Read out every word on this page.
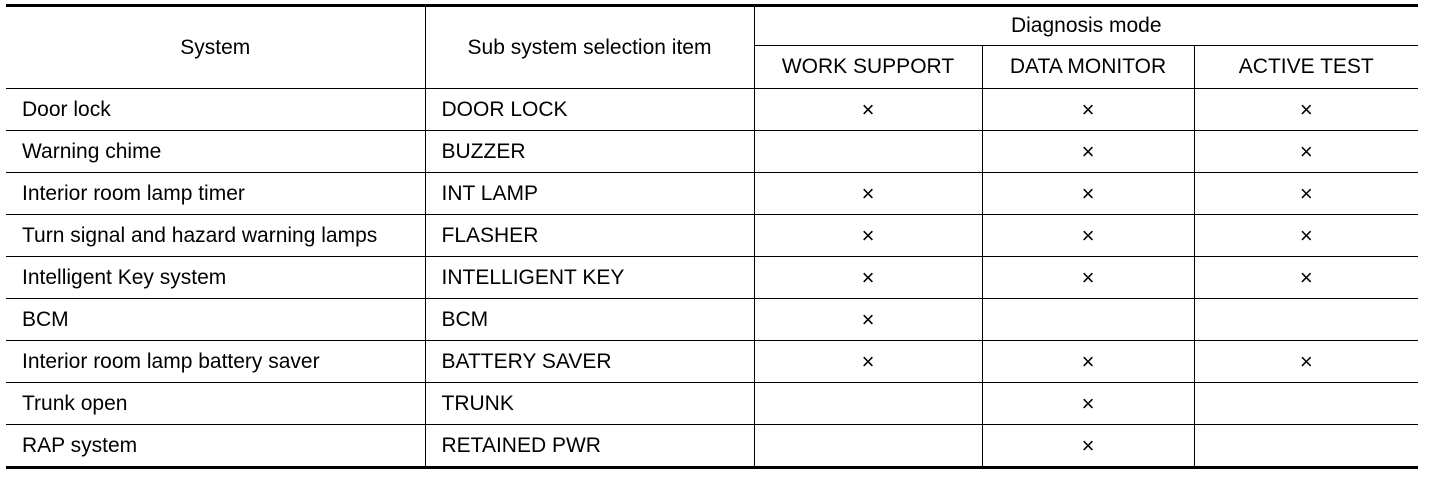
System	Sub system selection item	Diagnosis mode		
		WORK SUPPORT	DATA MONITOR	ACTIVE TEST
Door lock	DOOR LOCK	×	×	×
Warning chime	BUZZER		×	×
Interior room lamp timer	INT LAMP	×	×	×
Turn signal and hazard warning lamps	FLASHER	×	×	×
Intelligent Key system	INTELLIGENT KEY	×	×	×
BCM	BCM	×		
Interior room lamp battery saver	BATTERY SAVER	×	×	×
Trunk open	TRUNK		×	
RAP system	RETAINED PWR		×	
